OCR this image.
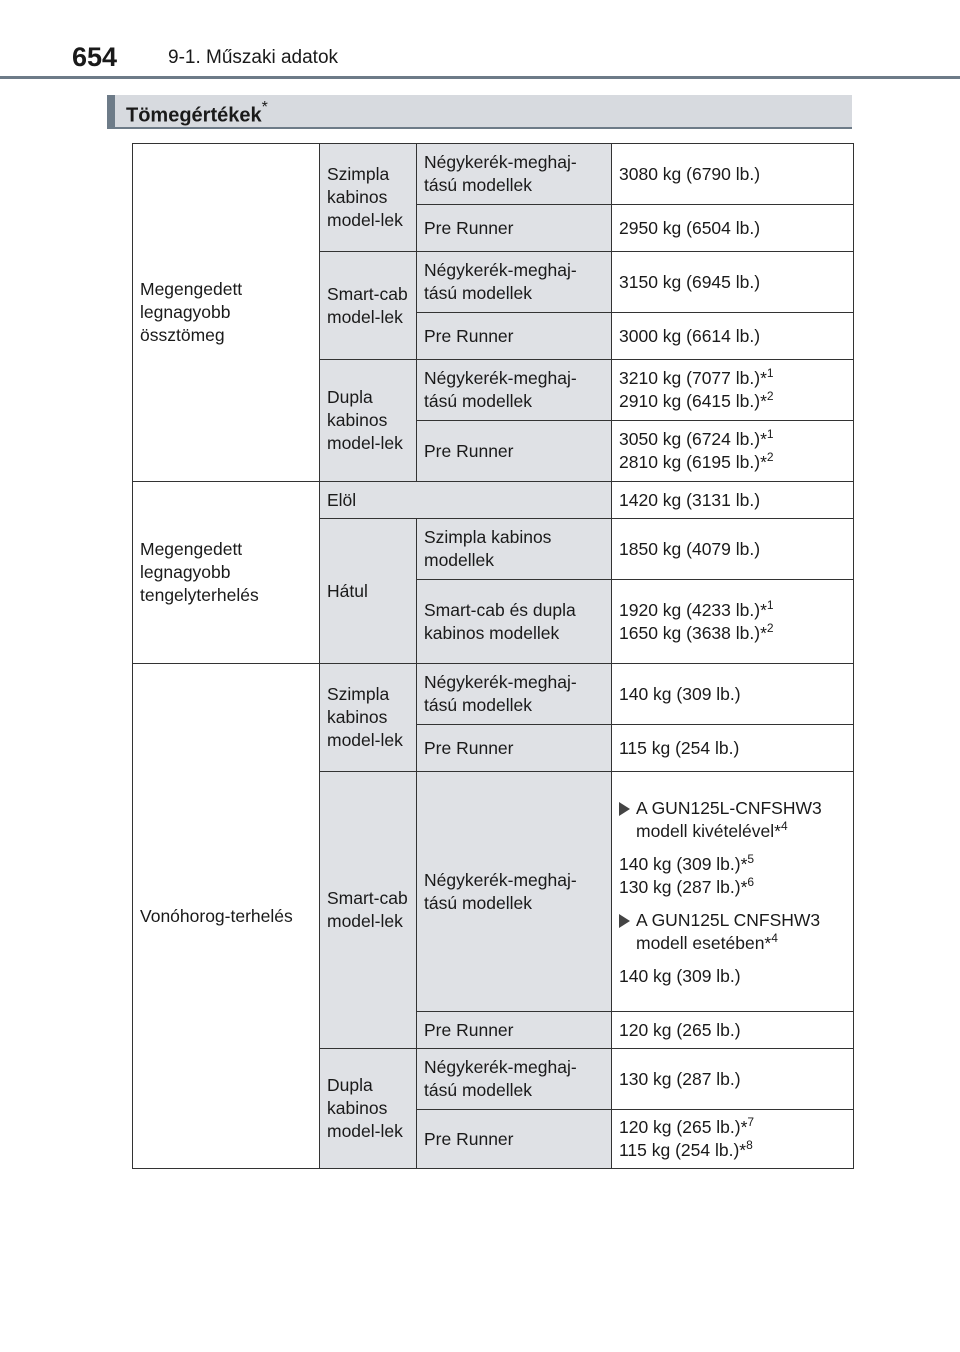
654	9-1. Műszaki adatok
Tömegértékek*
Megengedett legnagyobb össztömeg	Szimpla kabinos model-lek	Négykerék-meghaj-tású modellek	3080 kg (6790 lb.)
		Pre Runner	2950 kg (6504 lb.)
	Smart-cab model-lek	Négykerék-meghaj-tású modellek	3150 kg (6945 lb.)
		Pre Runner	3000 kg (6614 lb.)
	Dupla kabinos model-lek	Négykerék-meghaj-tású modellek	3210 kg (7077 lb.)*$^1$
2910 kg (6415 lb.)*$^2$

		Pre Runner	3050 kg (6724 lb.)*$^1$
2810 kg (6195 lb.)*$^2$

Megengedett legnagyobb tengelyterhelés	Elöl		1420 kg (3131 lb.)
	Hátul	Szimpla kabinos modellek	1850 kg (4079 lb.)
		Smart-cab és dupla kabinos modellek	1920 kg (4233 lb.)*$^1$
1650 kg (3638 lb.)*$^2$

Vonóhorog-terhelés	Szimpla kabinos model-lek	Négykerék-meghaj-tású modellek	140 kg (309 lb.)
		Pre Runner	115 kg (254 lb.)
	Smart-cab model-lek	Négykerék-meghaj-tású modellek	A GUN125L-CNFSHW3 modell kivételével*$^4$
140 kg (309 lb.)*$^5$
130 kg (287 lb.)*$^6$
A GUN125L CNFSHW3 modell esetében*$^4$
140 kg (309 lb.)

		Pre Runner	120 kg (265 lb.)
	Dupla kabinos model-lek	Négykerék-meghaj-tású modellek	130 kg (287 lb.)
		Pre Runner	120 kg (265 lb.)*$^7$
115 kg (254 lb.)*$^8$
